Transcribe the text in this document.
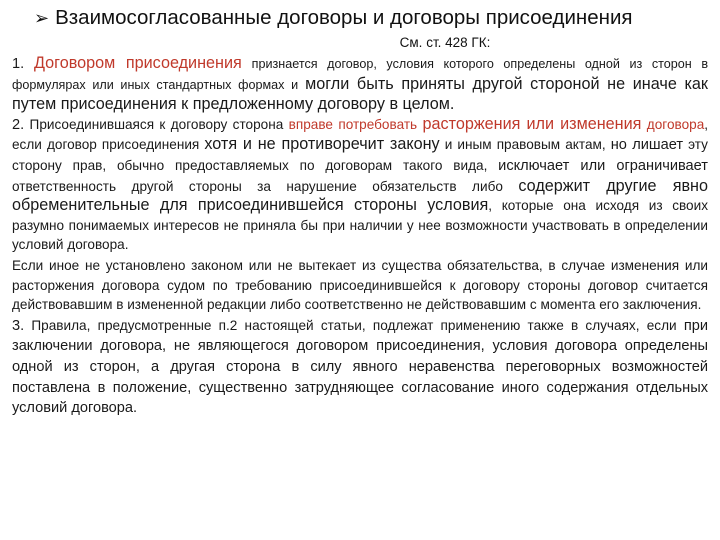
➢ Взаимосогласованные договоры и договоры присоединения
См. ст. 428 ГК:

1. Договором присоединения признается договор, условия которого определены одной из сторон в формулярах или иных стандартных формах и могли быть приняты другой стороной не иначе как путем присоединения к предложенному договору в целом.

2. Присоединившаяся к договору сторона вправе потребовать расторжения или изменения договора, если договор присоединения хотя и не противоречит закону и иным правовым актам, но лишает эту сторону прав, обычно предоставляемых по договорам такого вида, исключает или ограничивает ответственность другой стороны за нарушение обязательств либо содержит другие явно обременительные для присоединившейся стороны условия, которые она исходя из своих разумно понимаемых интересов не приняла бы при наличии у нее возможности участвовать в определении условий договора.

Если иное не установлено законом или не вытекает из существа обязательства, в случае изменения или расторжения договора судом по требованию присоединившейся к договору стороны договор считается действовавшим в измененной редакции либо соответственно не действовавшим с момента его заключения.

3. Правила, предусмотренные п.2 настоящей статьи, подлежат применению также в случаях, если при заключении договора, не являющегося договором присоединения, условия договора определены одной из сторон, а другая сторона в силу явного неравенства переговорных возможностей поставлена в положение, существенно затрудняющее согласование иного содержания отдельных условий договора.
